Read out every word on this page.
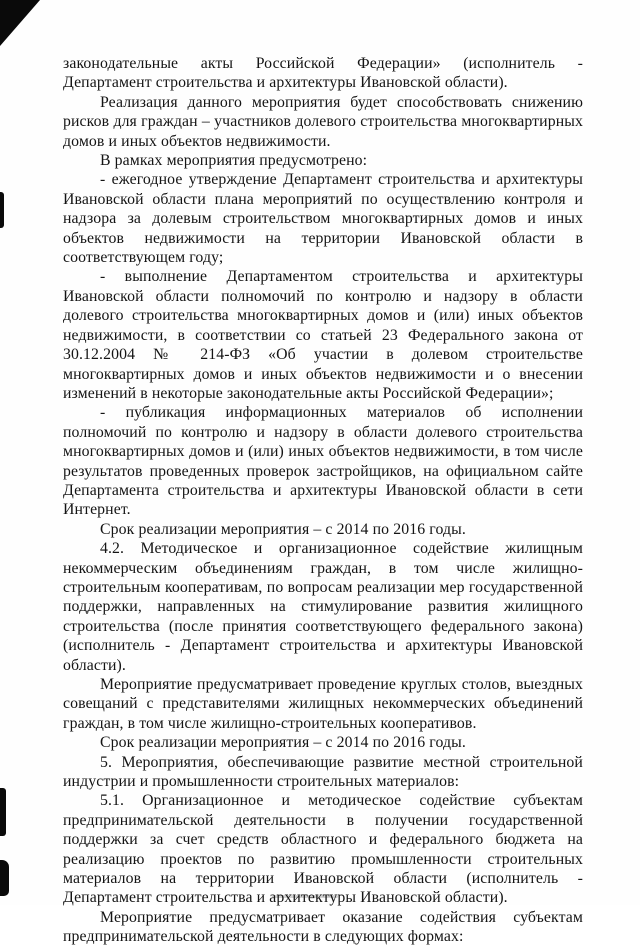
законодательные акты Российской Федерации» (исполнитель - Департамент строительства и архитектуры Ивановской области).

Реализация данного мероприятия будет способствовать снижению рисков для граждан – участников долевого строительства многоквартирных домов и иных объектов недвижимости.

В рамках мероприятия предусмотрено:

- ежегодное утверждение Департамент строительства и архитектуры Ивановской области плана мероприятий по осуществлению контроля и надзора за долевым строительством многоквартирных домов и иных объектов недвижимости на территории Ивановской области в соответствующем году;

- выполнение Департаментом строительства и архитектуры Ивановской области полномочий по контролю и надзору в области долевого строительства многоквартирных домов и (или) иных объектов недвижимости, в соответствии со статьей 23 Федерального закона от 30.12.2004 № 214-ФЗ «Об участии в долевом строительстве многоквартирных домов и иных объектов недвижимости и о внесении изменений в некоторые законодательные акты Российской Федерации»;

- публикация информационных материалов об исполнении полномочий по контролю и надзору в области долевого строительства многоквартирных домов и (или) иных объектов недвижимости, в том числе результатов проведенных проверок застройщиков, на официальном сайте Департамента строительства и архитектуры Ивановской области в сети Интернет.

Срок реализации мероприятия – с 2014 по 2016 годы.

4.2. Методическое и организационное содействие жилищным некоммерческим объединениям граждан, в том числе жилищно-строительным кооперативам, по вопросам реализации мер государственной поддержки, направленных на стимулирование развития жилищного строительства (после принятия соответствующего федерального закона) (исполнитель - Департамент строительства и архитектуры Ивановской области).

Мероприятие предусматривает проведение круглых столов, выездных совещаний с представителями жилищных некоммерческих объединений граждан, в том числе жилищно-строительных кооперативов.

Срок реализации мероприятия – с 2014 по 2016 годы.

5. Мероприятия, обеспечивающие развитие местной строительной индустрии и промышленности строительных материалов:

5.1. Организационное и методическое содействие субъектам предпринимательской деятельности в получении государственной поддержки за счет средств областного и федерального бюджета на реализацию проектов по развитию промышленности строительных материалов на территории Ивановской области (исполнитель - Департамент строительства и архитектуры Ивановской области).

Мероприятие предусматривает оказание содействия субъектам предпринимательской деятельности в следующих формах:
